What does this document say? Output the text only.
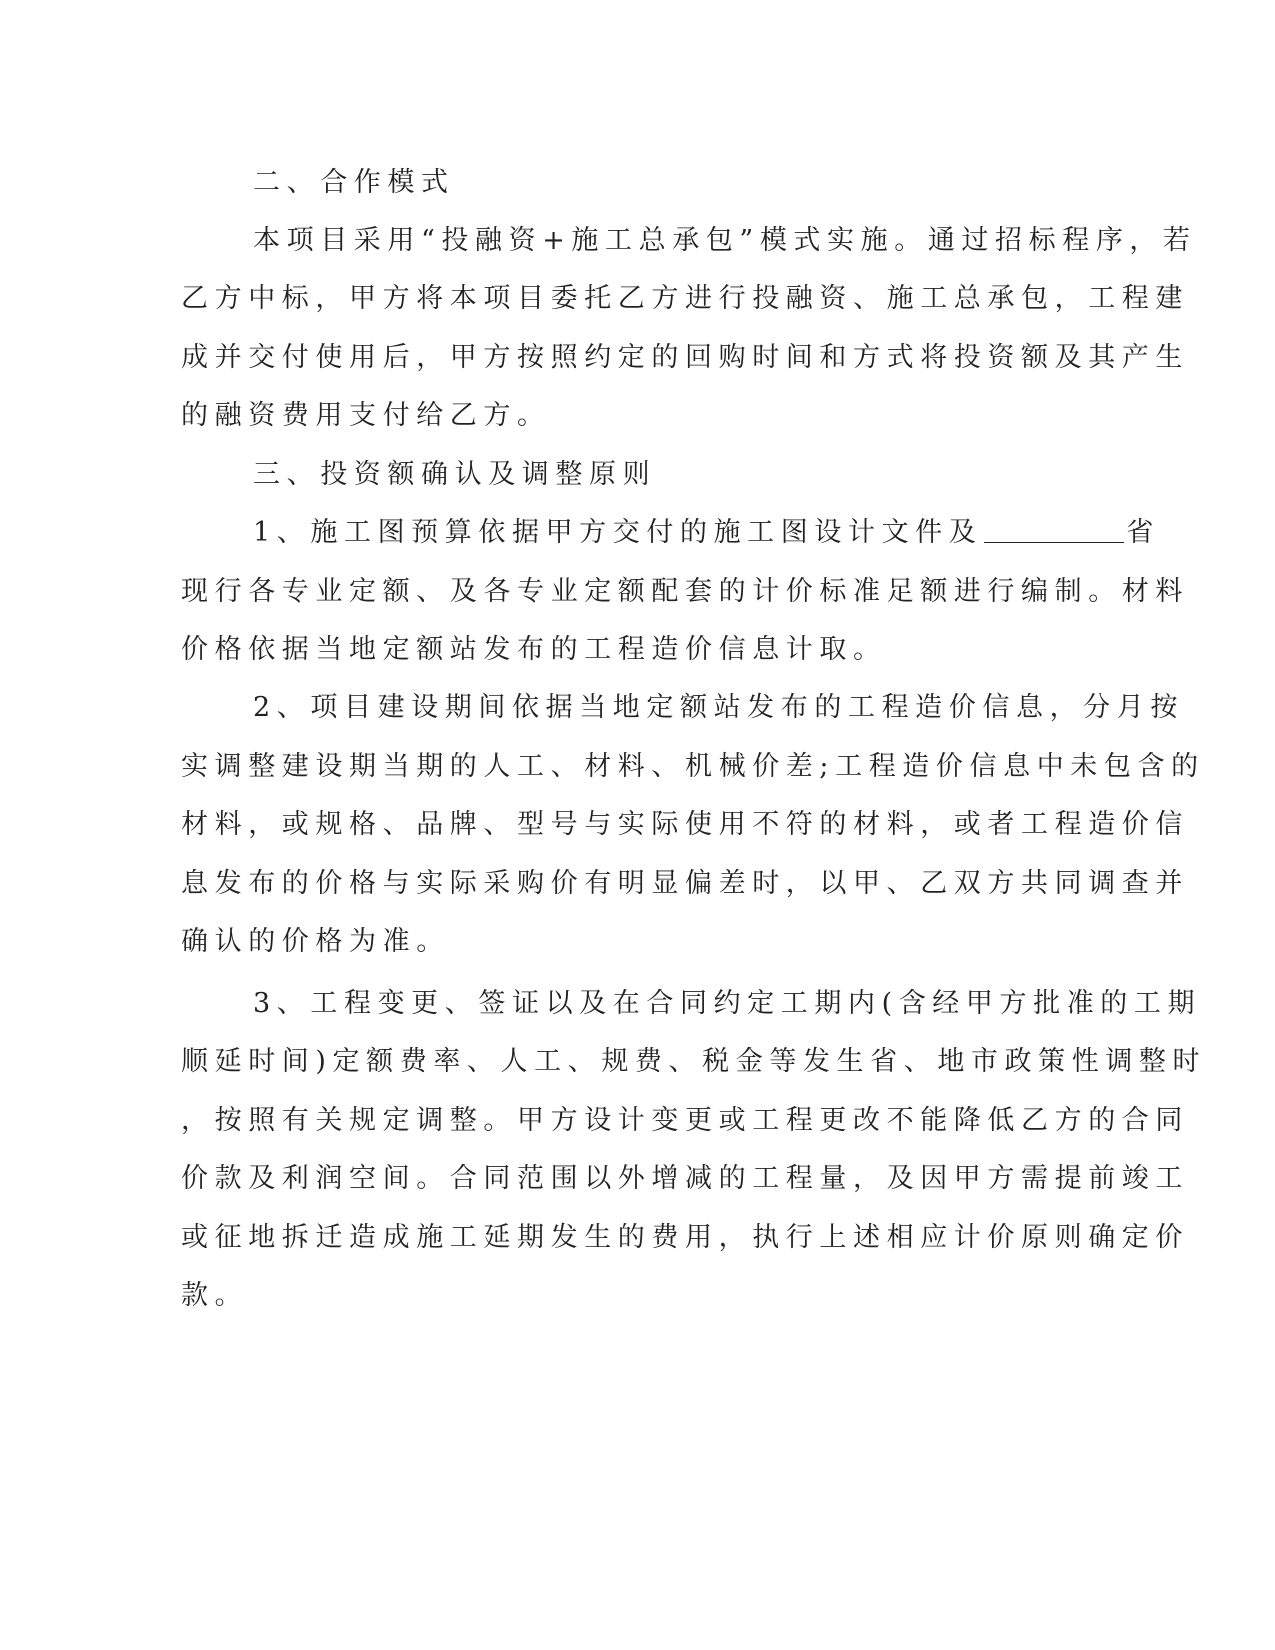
二、合作模式
本项目采用“投融资+施工总承包”模式实施。通过招标程序，若
乙方中标，甲方将本项目委托乙方进行投融资、施工总承包，工程建
成并交付使用后，甲方按照约定的回购时间和方式将投资额及其产生
的融资费用支付给乙方。
三、投资额确认及调整原则
1、施工图预算依据甲方交付的施工图设计文件及	省
现行各专业定额、及各专业定额配套的计价标准足额进行编制。材料
价格依据当地定额站发布的工程造价信息计取。
2、项目建设期间依据当地定额站发布的工程造价信息，分月按
实调整建设期当期的人工、材料、机械价差;工程造价信息中未包含的
材料，或规格、品牌、型号与实际使用不符的材料，或者工程造价信
息发布的价格与实际采购价有明显偏差时，以甲、乙双方共同调查并
确认的价格为准。
3、工程变更、签证以及在合同约定工期内(含经甲方批准的工期
顺延时间)定额费率、人工、规费、税金等发生省、地市政策性调整时
，按照有关规定调整。甲方设计变更或工程更改不能降低乙方的合同
价款及利润空间。合同范围以外增减的工程量，及因甲方需提前竣工
或征地拆迁造成施工延期发生的费用，执行上述相应计价原则确定价
款。
